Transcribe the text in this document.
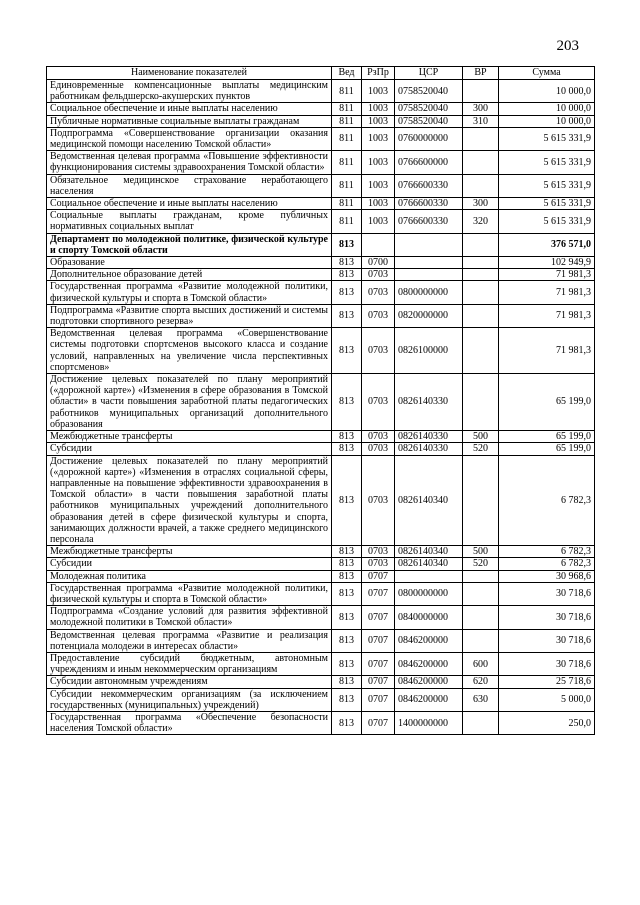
203
Наименование показателей	Вед	РзПр	ЦСР	ВР	Сумма
Единовременные компенсационные выплаты медицинским работникам фельдшерско-акушерских пунктов	811	1003	0758520040		10 000,0
Социальное обеспечение и иные выплаты населению	811	1003	0758520040	300	10 000,0
Публичные нормативные социальные выплаты гражданам	811	1003	0758520040	310	10 000,0
Подпрограмма «Совершенствование организации оказания медицинской помощи населению Томской области»	811	1003	0760000000		5 615 331,9
Ведомственная целевая программа «Повышение эффективности функционирования системы здравоохранения Томской области»	811	1003	0766600000		5 615 331,9
Обязательное медицинское страхование неработающего населения	811	1003	0766600330		5 615 331,9
Социальное обеспечение и иные выплаты населению	811	1003	0766600330	300	5 615 331,9
Социальные выплаты гражданам, кроме публичных нормативных социальных выплат	811	1003	0766600330	320	5 615 331,9
Департамент по молодежной политике, физической культуре и спорту Томской области	813				376 571,0
Образование	813	0700			102 949,9
Дополнительное образование детей	813	0703			71 981,3
Государственная программа «Развитие молодежной политики, физической культуры и спорта в Томской области»	813	0703	0800000000		71 981,3
Подпрограмма «Развитие спорта высших достижений и системы подготовки спортивного резерва»	813	0703	0820000000		71 981,3
Ведомственная целевая программа «Совершенствование системы подготовки спортсменов высокого класса и создание условий, направленных на увеличение числа перспективных спортсменов»	813	0703	0826100000		71 981,3
Достижение целевых показателей по плану мероприятий («дорожной карте») «Изменения в сфере образования в Томской области» в части повышения заработной платы педагогических работников муниципальных организаций дополнительного образования	813	0703	0826140330		65 199,0
Межбюджетные трансферты	813	0703	0826140330	500	65 199,0
Субсидии	813	0703	0826140330	520	65 199,0
Достижение целевых показателей по плану мероприятий («дорожной карте») «Изменения в отраслях социальной сферы, направленные на повышение эффективности здравоохранения в Томской области» в части повышения заработной платы работников муниципальных учреждений дополнительного образования детей в сфере физической культуры и спорта, занимающих должности врачей, а также среднего медицинского персонала	813	0703	0826140340		6 782,3
Межбюджетные трансферты	813	0703	0826140340	500	6 782,3
Субсидии	813	0703	0826140340	520	6 782,3
Молодежная политика	813	0707			30 968,6
Государственная программа «Развитие молодежной политики, физической культуры и спорта в Томской области»	813	0707	0800000000		30 718,6
Подпрограмма «Создание условий для развития эффективной молодежной политики в Томской области»	813	0707	0840000000		30 718,6
Ведомственная целевая программа «Развитие и реализация потенциала молодежи в интересах области»	813	0707	0846200000		30 718,6
Предоставление субсидий бюджетным, автономным учреждениям и иным некоммерческим организациям	813	0707	0846200000	600	30 718,6
Субсидии автономным учреждениям	813	0707	0846200000	620	25 718,6
Субсидии некоммерческим организациям (за исключением государственных (муниципальных) учреждений)	813	0707	0846200000	630	5 000,0
Государственная программа «Обеспечение безопасности населения Томской области»	813	0707	1400000000		250,0
